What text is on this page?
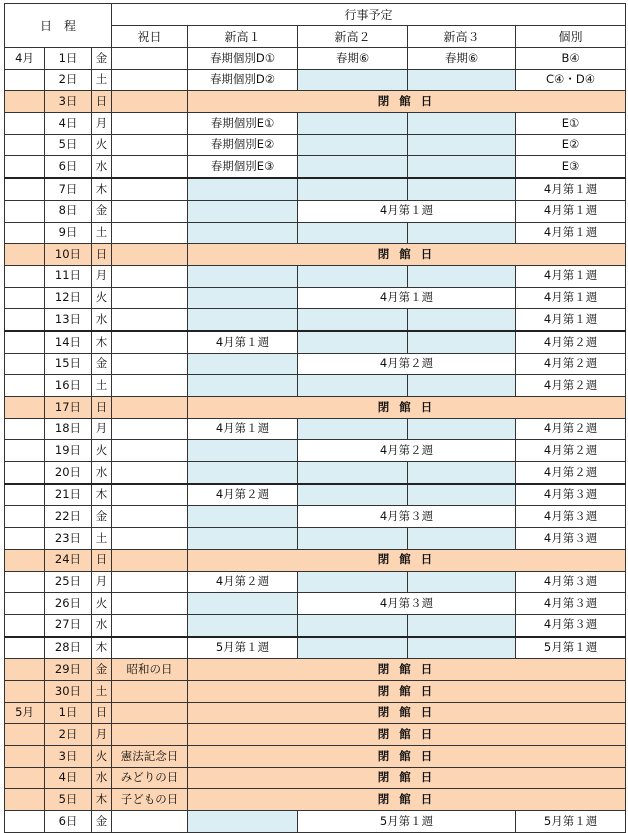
日　程			行事予定				
			祝日	新高１	新高２	新高３	個別
4月	1日	金		春期個別D①	春期⑥	春期⑥	B④
	2日	土		春期個別D②			C④・D④
	3日	日		閉 館 日			
	4日	月		春期個別E①			E①
	5日	火		春期個別E②			E②
	6日	水		春期個別E③			E③
	7日	木					4月第１週
	8日	金			4月第１週		4月第１週
	9日	土					4月第１週
	10日	日		閉 館 日			
	11日	月					4月第１週
	12日	火			4月第１週		4月第１週
	13日	水					4月第１週
	14日	木		4月第１週			4月第２週
	15日	金			4月第２週		4月第２週
	16日	土					4月第２週
	17日	日		閉 館 日			
	18日	月		4月第１週			4月第２週
	19日	火			4月第２週		4月第２週
	20日	水					4月第２週
	21日	木		4月第２週			4月第３週
	22日	金			4月第３週		4月第３週
	23日	土					4月第３週
	24日	日		閉 館 日			
	25日	月		4月第２週			4月第３週
	26日	火			4月第３週		4月第３週
	27日	水					4月第３週
	28日	木		5月第１週			5月第１週
	29日	金	昭和の日	閉 館 日			
	30日	土		閉 館 日			
5月	1日	日		閉 館 日			
	2日	月		閉 館 日			
	3日	火	憲法記念日	閉 館 日			
	4日	水	みどりの日	閉 館 日			
	5日	木	子どもの日	閉 館 日			
	6日	金			5月第１週		5月第１週
